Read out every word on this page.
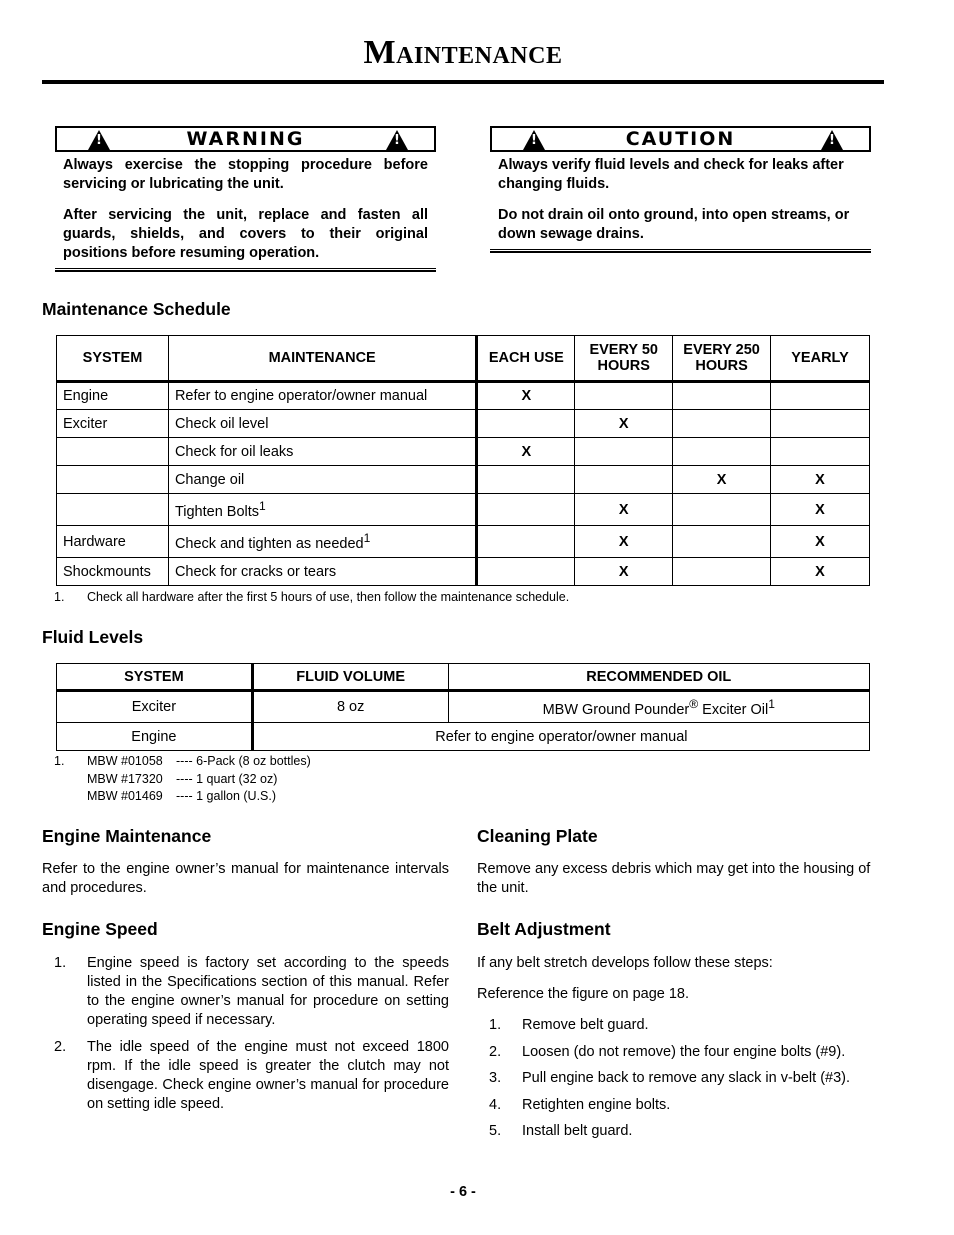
Maintenance
!	WARNING	!

Always exercise the stopping procedure before servicing or lubricating the unit.

After servicing the unit, replace and fasten all guards, shields, and covers to their original positions before resuming operation.

!	CAUTION	!

Always verify fluid levels and check for leaks after changing fluids.

Do not drain oil onto ground, into open streams, or down sewage drains.

Maintenance Schedule
SYSTEM	MAINTENANCE	EACH USE	EVERY 50 HOURS	EVERY 250 HOURS	YEARLY
Engine	Refer to engine operator/owner manual	X			
Exciter	Check oil level		X		
	Check for oil leaks	X			
	Change oil			X	X
	Tighten Bolts$^1$		X		X
Hardware	Check and tighten as needed$^1$		X		X
Shockmounts	Check for cracks or tears		X		X
1. Check all hardware after the first 5 hours of use, then follow the maintenance schedule.
Fluid Levels
SYSTEM	FLUID VOLUME	RECOMMENDED OIL
Exciter	8 oz	MBW Ground Pounder® Exciter Oil$^1$
Engine	Refer to engine operator/owner manual	
1. MBW #01058 ---- 6-Pack (8 oz bottles)
MBW #17320 ---- 1 quart (32 oz)
MBW #01469 ---- 1 gallon (U.S.)
Engine Maintenance
Refer to the engine owner’s manual for maintenance intervals and procedures.
Engine Speed
1. Engine speed is factory set according to the speeds listed in the Specifications section of this manual. Refer to the engine owner’s manual for procedure on setting operating speed if necessary.
2. The idle speed of the engine must not exceed 1800 rpm. If the idle speed is greater the clutch may not disengage. Check engine owner’s manual for procedure on setting idle speed.
Cleaning Plate
Remove any excess debris which may get into the housing of the unit.
Belt Adjustment
If any belt stretch develops follow these steps:
Reference the figure on page 18.
1. Remove belt guard.
2. Loosen (do not remove) the four engine bolts (#9).
3. Pull engine back to remove any slack in v-belt (#3).
4. Retighten engine bolts.
5. Install belt guard.
- 6 -
